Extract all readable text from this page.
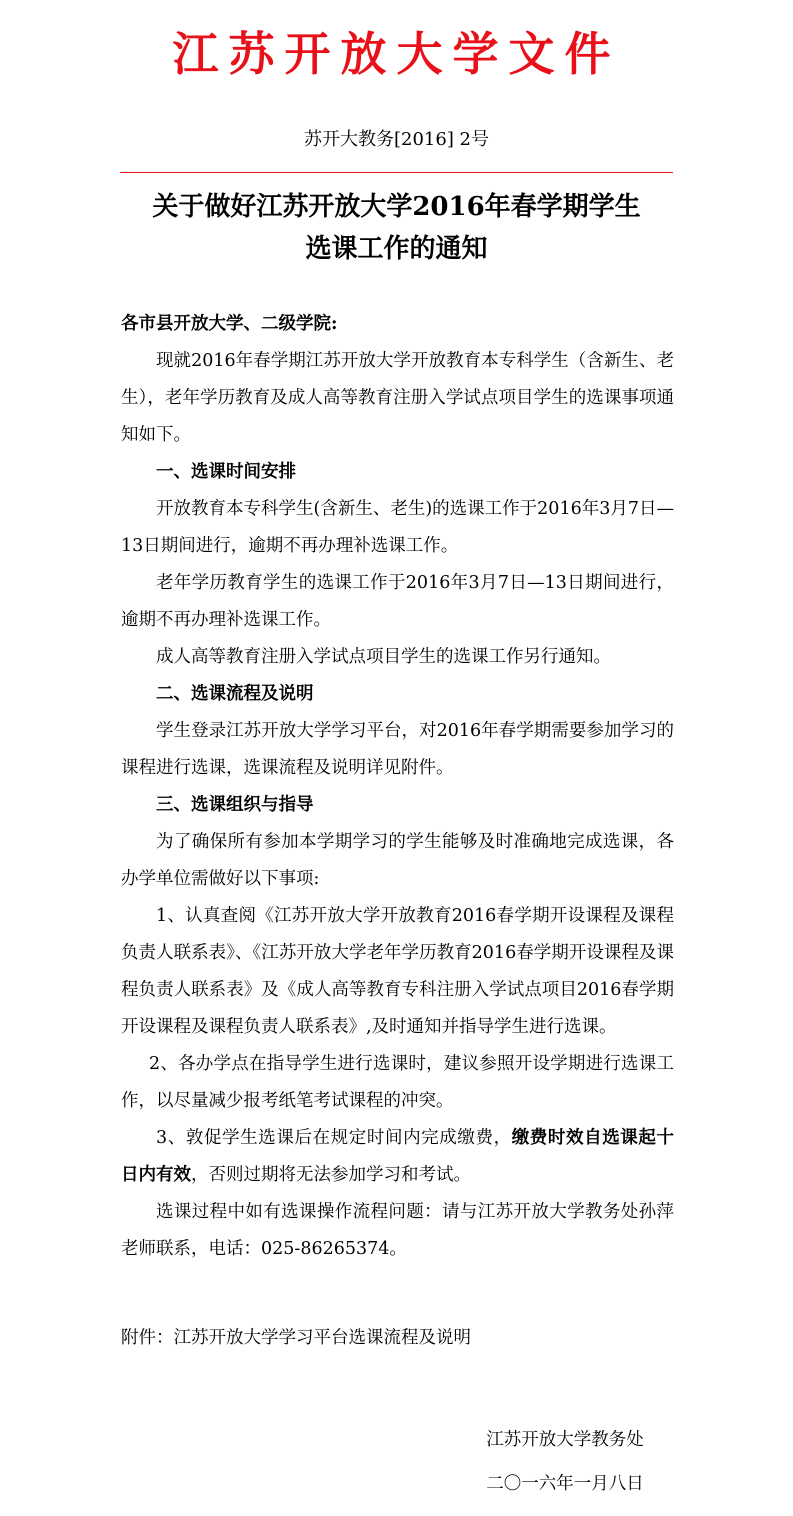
江苏开放大学文件
苏开大教务[2016] 2号
关于做好江苏开放大学2016年春学期学生
选课工作的通知

各市县开放大学、二级学院:

现就2016年春学期江苏开放大学开放教育本专科学生（含新生、老生），老年学历教育及成人高等教育注册入学试点项目学生的选课事项通知如下。

一、选课时间安排

开放教育本专科学生(含新生、老生)的选课工作于2016年3月7日—13日期间进行，逾期不再办理补选课工作。

老年学历教育学生的选课工作于2016年3月7日—13日期间进行，逾期不再办理补选课工作。

成人高等教育注册入学试点项目学生的选课工作另行通知。

二、选课流程及说明

学生登录江苏开放大学学习平台，对2016年春学期需要参加学习的课程进行选课，选课流程及说明详见附件。

三、选课组织与指导

为了确保所有参加本学期学习的学生能够及时准确地完成选课，各办学单位需做好以下事项:

1、认真查阅《江苏开放大学开放教育2016春学期开设课程及课程负责人联系表》、《江苏开放大学老年学历教育2016春学期开设课程及课程负责人联系表》及《成人高等教育专科注册入学试点项目2016春学期开设课程及课程负责人联系表》,及时通知并指导学生进行选课。

2、各办学点在指导学生进行选课时，建议参照开设学期进行选课工作，以尽量减少报考纸笔考试课程的冲突。

3、敦促学生选课后在规定时间内完成缴费，缴费时效自选课起十日内有效，否则过期将无法参加学习和考试。

选课过程中如有选课操作流程问题：请与江苏开放大学教务处孙萍老师联系，电话：025-86265374。

附件：江苏开放大学学习平台选课流程及说明
江苏开放大学教务处
二〇一六年一月八日
